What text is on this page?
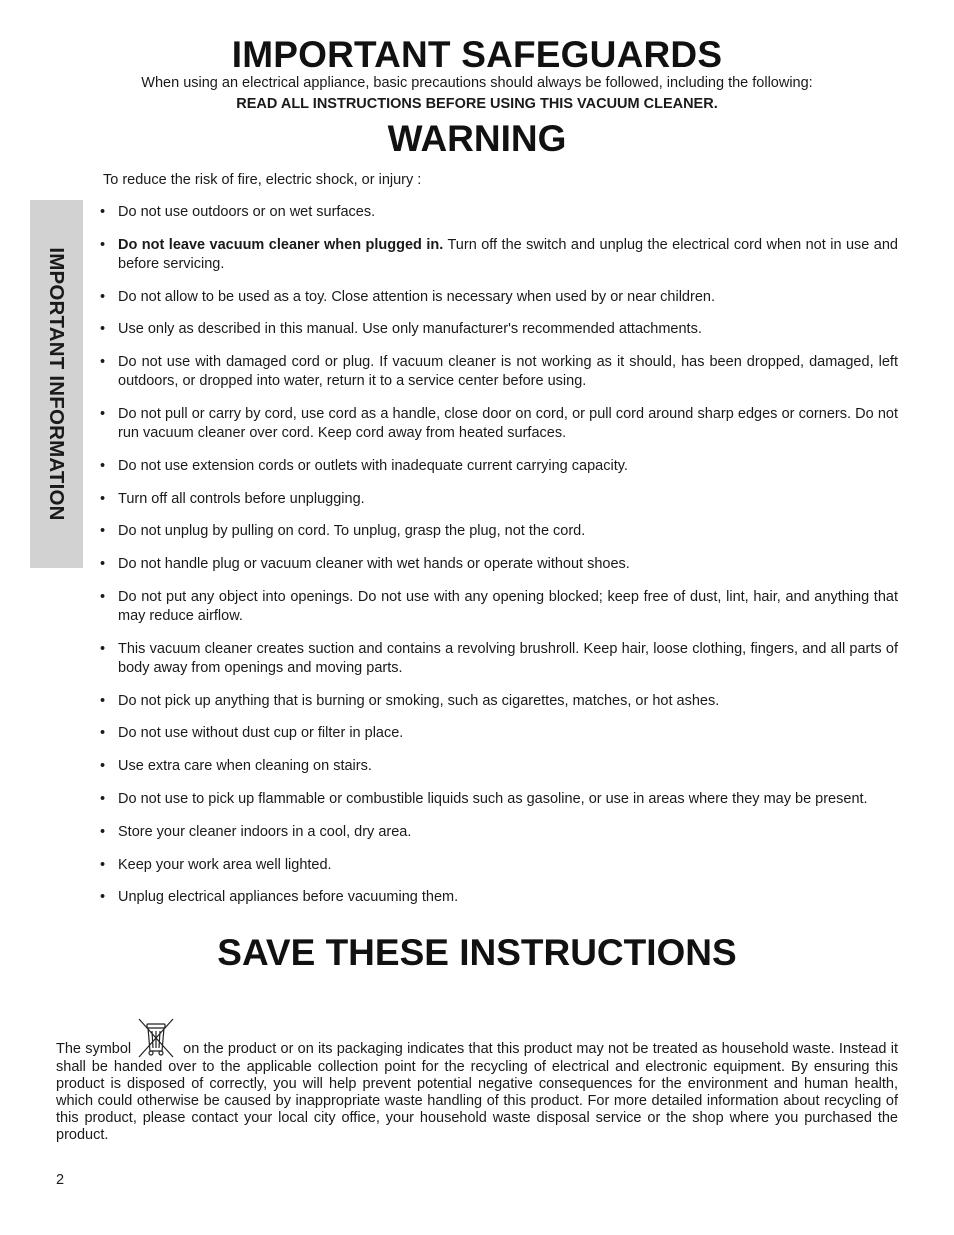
IMPORTANT SAFEGUARDS

When using an electrical appliance, basic precautions should always be followed, including the following:

READ ALL INSTRUCTIONS BEFORE USING THIS VACUUM CLEANER.

WARNING

To reduce the risk of fire, electric shock, or injury :

IMPORTANT INFORMATION
• Do not use outdoors or on wet surfaces.
• Do not leave vacuum cleaner when plugged in. Turn off the switch and unplug the electrical cord when not in use and before servicing.
• Do not allow to be used as a toy. Close attention is necessary when used by or near children.
• Use only as described in this manual. Use only manufacturer's recommended attachments.
• Do not use with damaged cord or plug. If vacuum cleaner is not working as it should, has been dropped, damaged, left outdoors, or dropped into water, return it to a service center before using.
• Do not pull or carry by cord, use cord as a handle, close door on cord, or pull cord around sharp edges or corners. Do not run vacuum cleaner over cord. Keep cord away from heated surfaces.
• Do not use extension cords or outlets with inadequate current carrying capacity.
• Turn off all controls before unplugging.
• Do not unplug by pulling on cord. To unplug, grasp the plug, not the cord.
• Do not handle plug or vacuum cleaner with wet hands or operate without shoes.
• Do not put any object into openings. Do not use with any opening blocked; keep free of dust, lint, hair, and anything that may reduce airflow.
• This vacuum cleaner creates suction and contains a revolving brushroll. Keep hair, loose clothing, fingers, and all parts of body away from openings and moving parts.
• Do not pick up anything that is burning or smoking, such as cigarettes, matches, or hot ashes.
• Do not use without dust cup or filter in place.
• Use extra care when cleaning on stairs.
• Do not use to pick up flammable or combustible liquids such as gasoline, or use in areas where they may be present.
• Store your cleaner indoors in a cool, dry area.
• Keep your work area well lighted.
• Unplug electrical appliances before vacuuming them.
SAVE THESE INSTRUCTIONS

The symbol	on the product or on its packaging indicates that this product may not be treated as household waste. Instead it shall be handed over to the applicable collection point for the recycling of electrical and electronic equipment. By ensuring this product is disposed of correctly, you will help prevent potential negative consequences for the environment and human health, which could otherwise be caused by inappropriate waste handling of this product. For more detailed information about recycling of this product, please contact your local city office, your household waste disposal service or the shop where you purchased the product.

2
